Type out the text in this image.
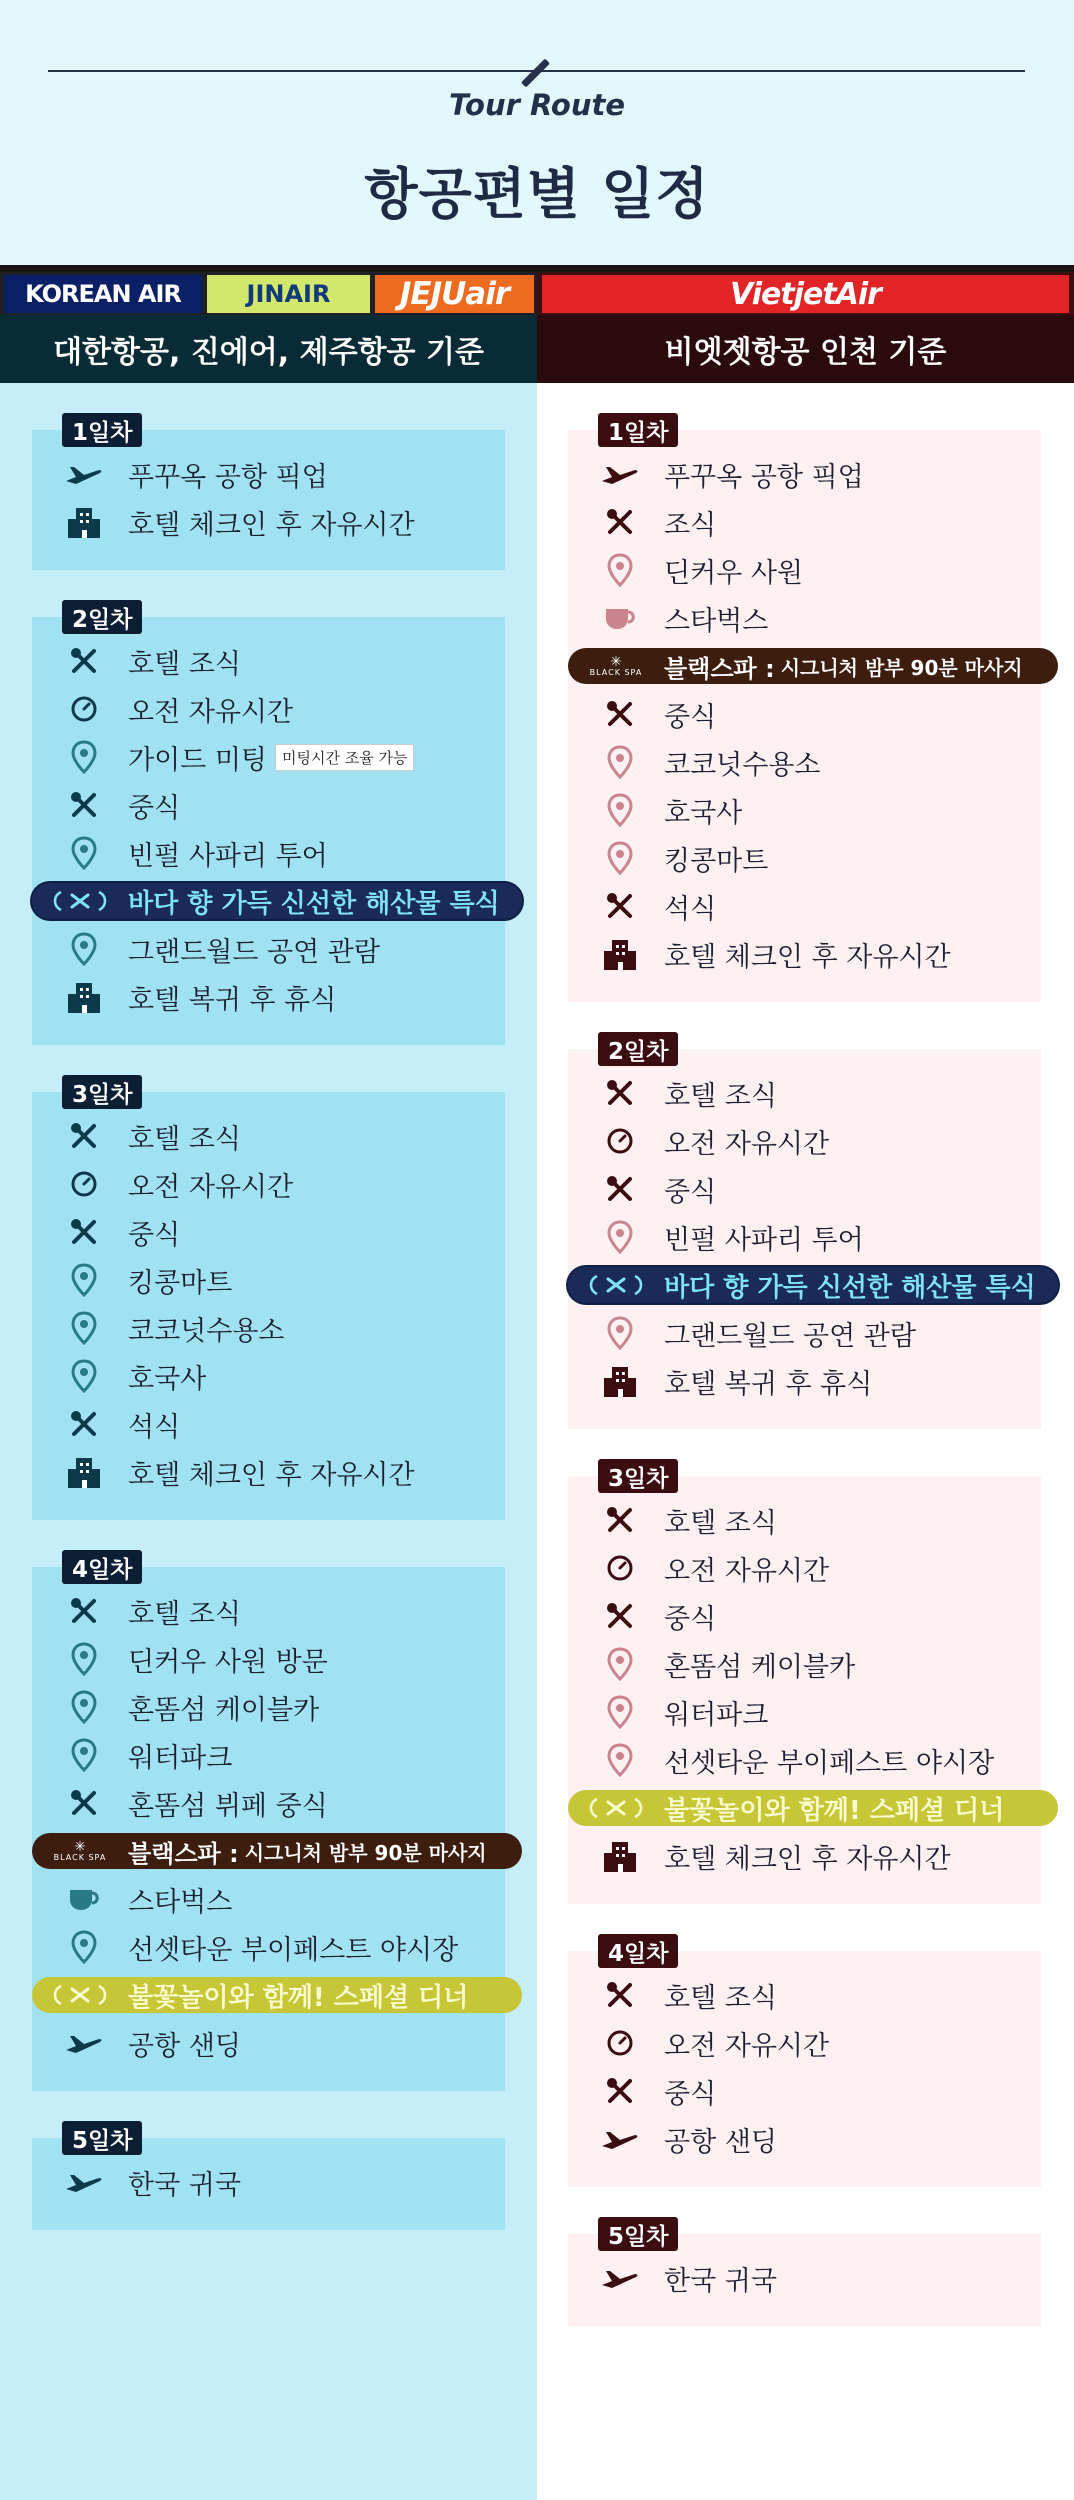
Tour Route
항공편별 일정
KOREAN AIR	JINAIR	JEJUair	VietjetAir
대한항공, 진에어, 제주항공 기준	비엣젯항공 인천 기준
1일차
푸꾸옥 공항 픽업
호텔 체크인 후 자유시간
2일차
호텔 조식
오전 자유시간
가이드 미팅	미팅시간 조율 가능
중식
빈펄 사파리 투어
바다 향 가득 신선한 해산물 특식
그랜드월드 공연 관람
호텔 복귀 후 휴식
3일차
호텔 조식
오전 자유시간
중식
킹콩마트
코코넛수용소
호국사
석식
호텔 체크인 후 자유시간
4일차
호텔 조식
딘커우 사원 방문
혼똠섬 케이블카
워터파크
혼똠섬 뷔페 중식
✳
BLACK SPA 블랙스파 : 시그니처 밤부 90분 마사지
스타벅스
선셋타운 부이페스트 야시장
불꽃놀이와 함께! 스페셜 디너
공항 샌딩
5일차
한국 귀국
1일차
푸꾸옥 공항 픽업
조식
딘커우 사원
스타벅스
✳
BLACK SPA 블랙스파 : 시그니처 밤부 90분 마사지
중식
코코넛수용소
호국사
킹콩마트
석식
호텔 체크인 후 자유시간
2일차
호텔 조식
오전 자유시간
중식
빈펄 사파리 투어
바다 향 가득 신선한 해산물 특식
그랜드월드 공연 관람
호텔 복귀 후 휴식
3일차
호텔 조식
오전 자유시간
중식
혼똠섬 케이블카
워터파크
선셋타운 부이페스트 야시장
불꽃놀이와 함께! 스페셜 디너
호텔 체크인 후 자유시간
4일차
호텔 조식
오전 자유시간
중식
공항 샌딩
5일차
한국 귀국
